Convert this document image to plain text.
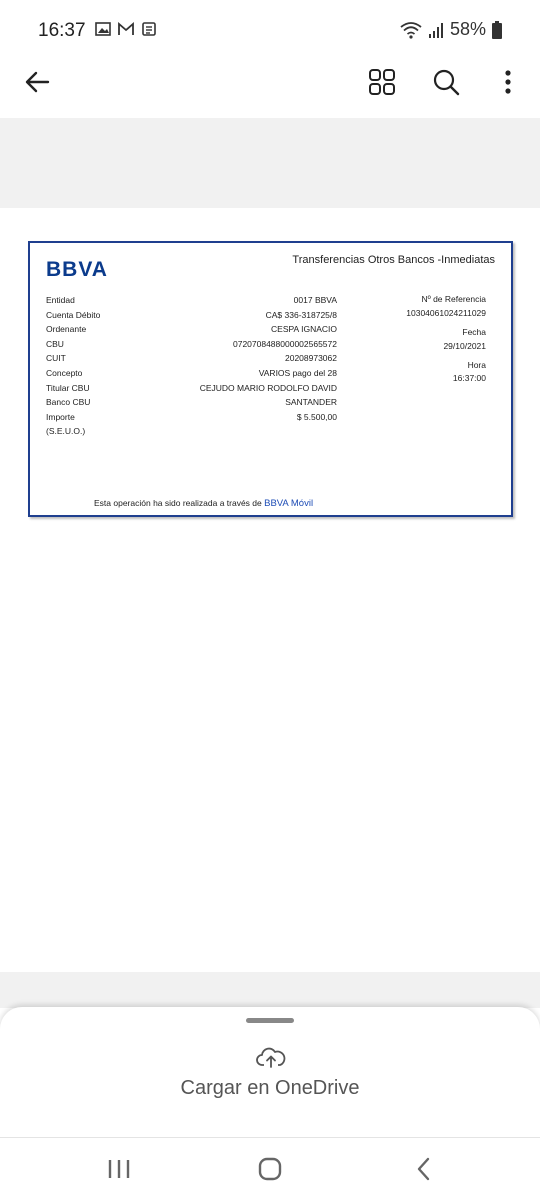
16:37	58%
BBVA	Transferencias Otros Bancos -Inmediatas
Entidad
Cuenta Débito
Ordenante
CBU
CUIT
Concepto
Titular CBU
Banco CBU
Importe
(S.E.U.O.)
0017 BBVA
CA$ 336-318725/8
CESPA IGNACIO
0720708488000002565572
20208973062
VARIOS pago del 28
CEJUDO MARIO RODOLFO DAVID
SANTANDER
$ 5.500,00
Nº de Referencia
10304061024211029
Fecha
29/10/2021
Hora
16:37:00
Esta operación ha sido realizada a través de BBVA Móvil
Cargar en OneDrive
